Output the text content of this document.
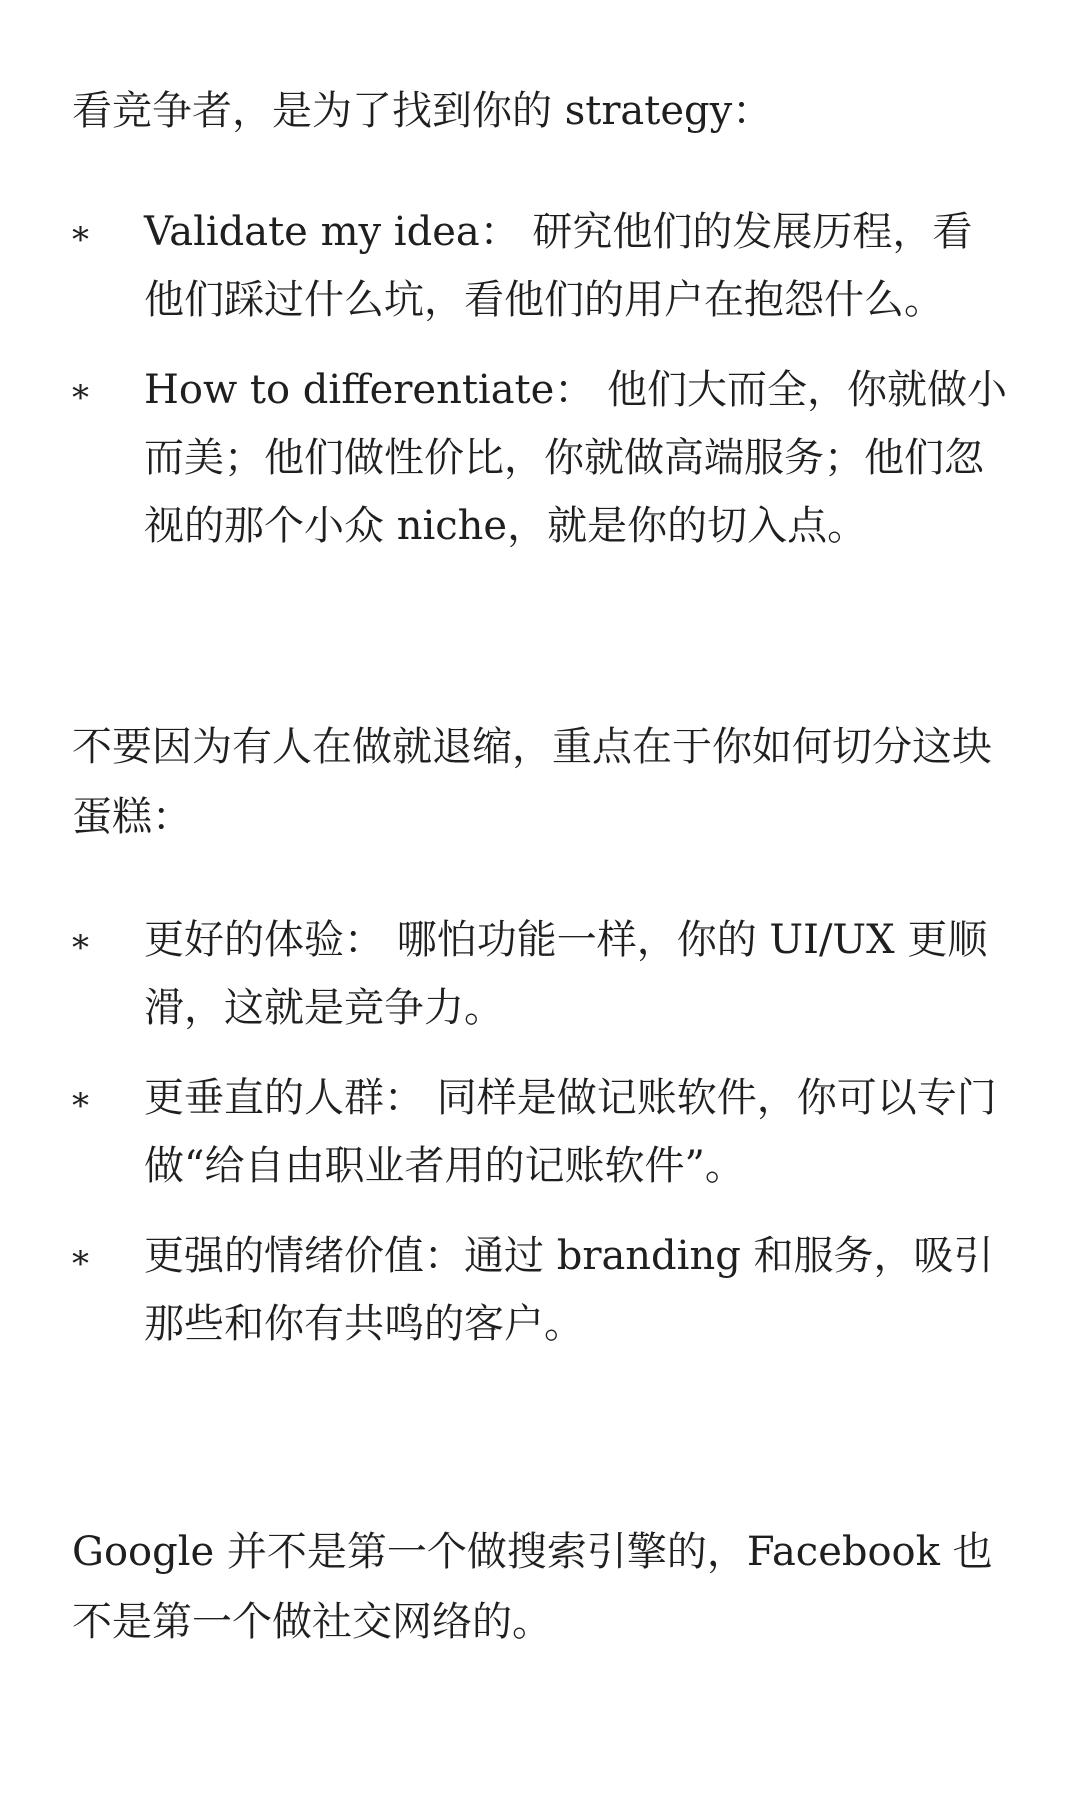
看竞争者，是为了找到你的 strategy：

* Validate my idea： 研究他们的发展历程，看他们踩过什么坑，看他们的用户在抱怨什么。
* How to differentiate： 他们大而全，你就做小而美；他们做性价比，你就做高端服务；他们忽视的那个小众 niche，就是你的切入点。

不要因为有人在做就退缩，重点在于你如何切分这块蛋糕：

* 更好的体验： 哪怕功能一样，你的 UI/UX 更顺滑，这就是竞争力。
* 更垂直的人群： 同样是做记账软件，你可以专门做“给自由职业者用的记账软件”。
* 更强的情绪价值：通过 branding 和服务，吸引那些和你有共鸣的客户。

Google 并不是第一个做搜索引擎的，Facebook 也不是第一个做社交网络的。
